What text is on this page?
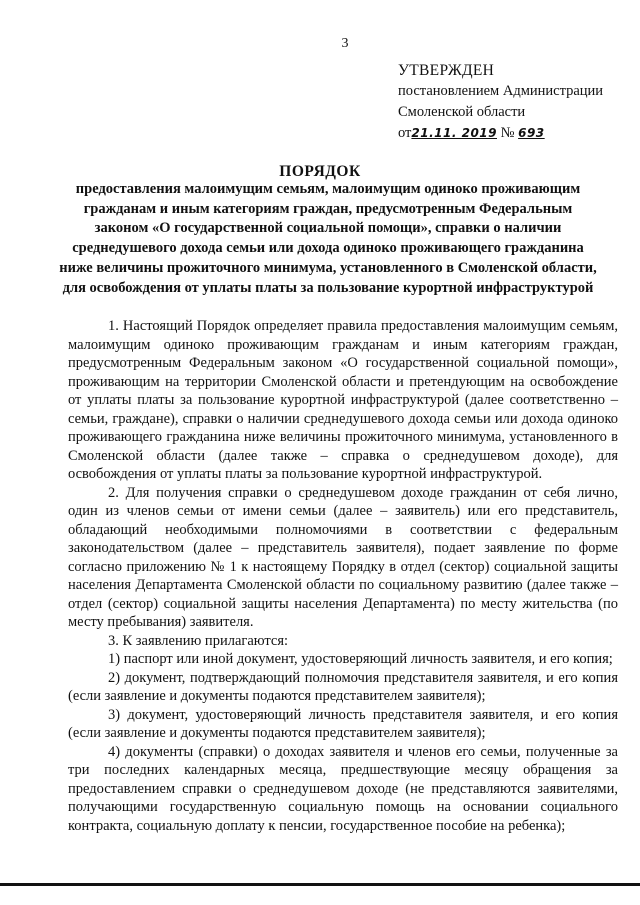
3
УТВЕРЖДЕН
постановлением Администрации
Смоленской области
от21.11. 2019 № 693
ПОРЯДОК
предоставления малоимущим семьям, малоимущим одиноко проживающим гражданам и иным категориям граждан, предусмотренным Федеральным законом «О государственной социальной помощи», справки о наличии среднедушевого дохода семьи или дохода одиноко проживающего гражданина ниже величины прожиточного минимума, установленного в Смоленской области, для освобождения от уплаты платы за пользование курортной инфраструктурой

1. Настоящий Порядок определяет правила предоставления малоимущим семьям, малоимущим одиноко проживающим гражданам и иным категориям граждан, предусмотренным Федеральным законом «О государственной социальной помощи», проживающим на территории Смоленской области и претендующим на освобождение от уплаты платы за пользование курортной инфраструктурой (далее соответственно – семьи, граждане), справки о наличии среднедушевого дохода семьи или дохода одиноко проживающего гражданина ниже величины прожиточного минимума, установленного в Смоленской области (далее также – справка о среднедушевом доходе), для освобождения от уплаты платы за пользование курортной инфраструктурой.

2. Для получения справки о среднедушевом доходе гражданин от себя лично, один из членов семьи от имени семьи (далее – заявитель) или его представитель, обладающий необходимыми полномочиями в соответствии с федеральным законодательством (далее – представитель заявителя), подает заявление по форме согласно приложению № 1 к настоящему Порядку в отдел (сектор) социальной защиты населения Департамента Смоленской области по социальному развитию (далее также – отдел (сектор) социальной защиты населения Департамента) по месту жительства (по месту пребывания) заявителя.

3. К заявлению прилагаются:

1) паспорт или иной документ, удостоверяющий личность заявителя, и его копия;

2) документ, подтверждающий полномочия представителя заявителя, и его копия (если заявление и документы подаются представителем заявителя);

3) документ, удостоверяющий личность представителя заявителя, и его копия (если заявление и документы подаются представителем заявителя);

4) документы (справки) о доходах заявителя и членов его семьи, полученные за три последних календарных месяца, предшествующие месяцу обращения за предоставлением справки о среднедушевом доходе (не представляются заявителями, получающими государственную социальную помощь на основании социального контракта, социальную доплату к пенсии, государственное пособие на ребенка);
